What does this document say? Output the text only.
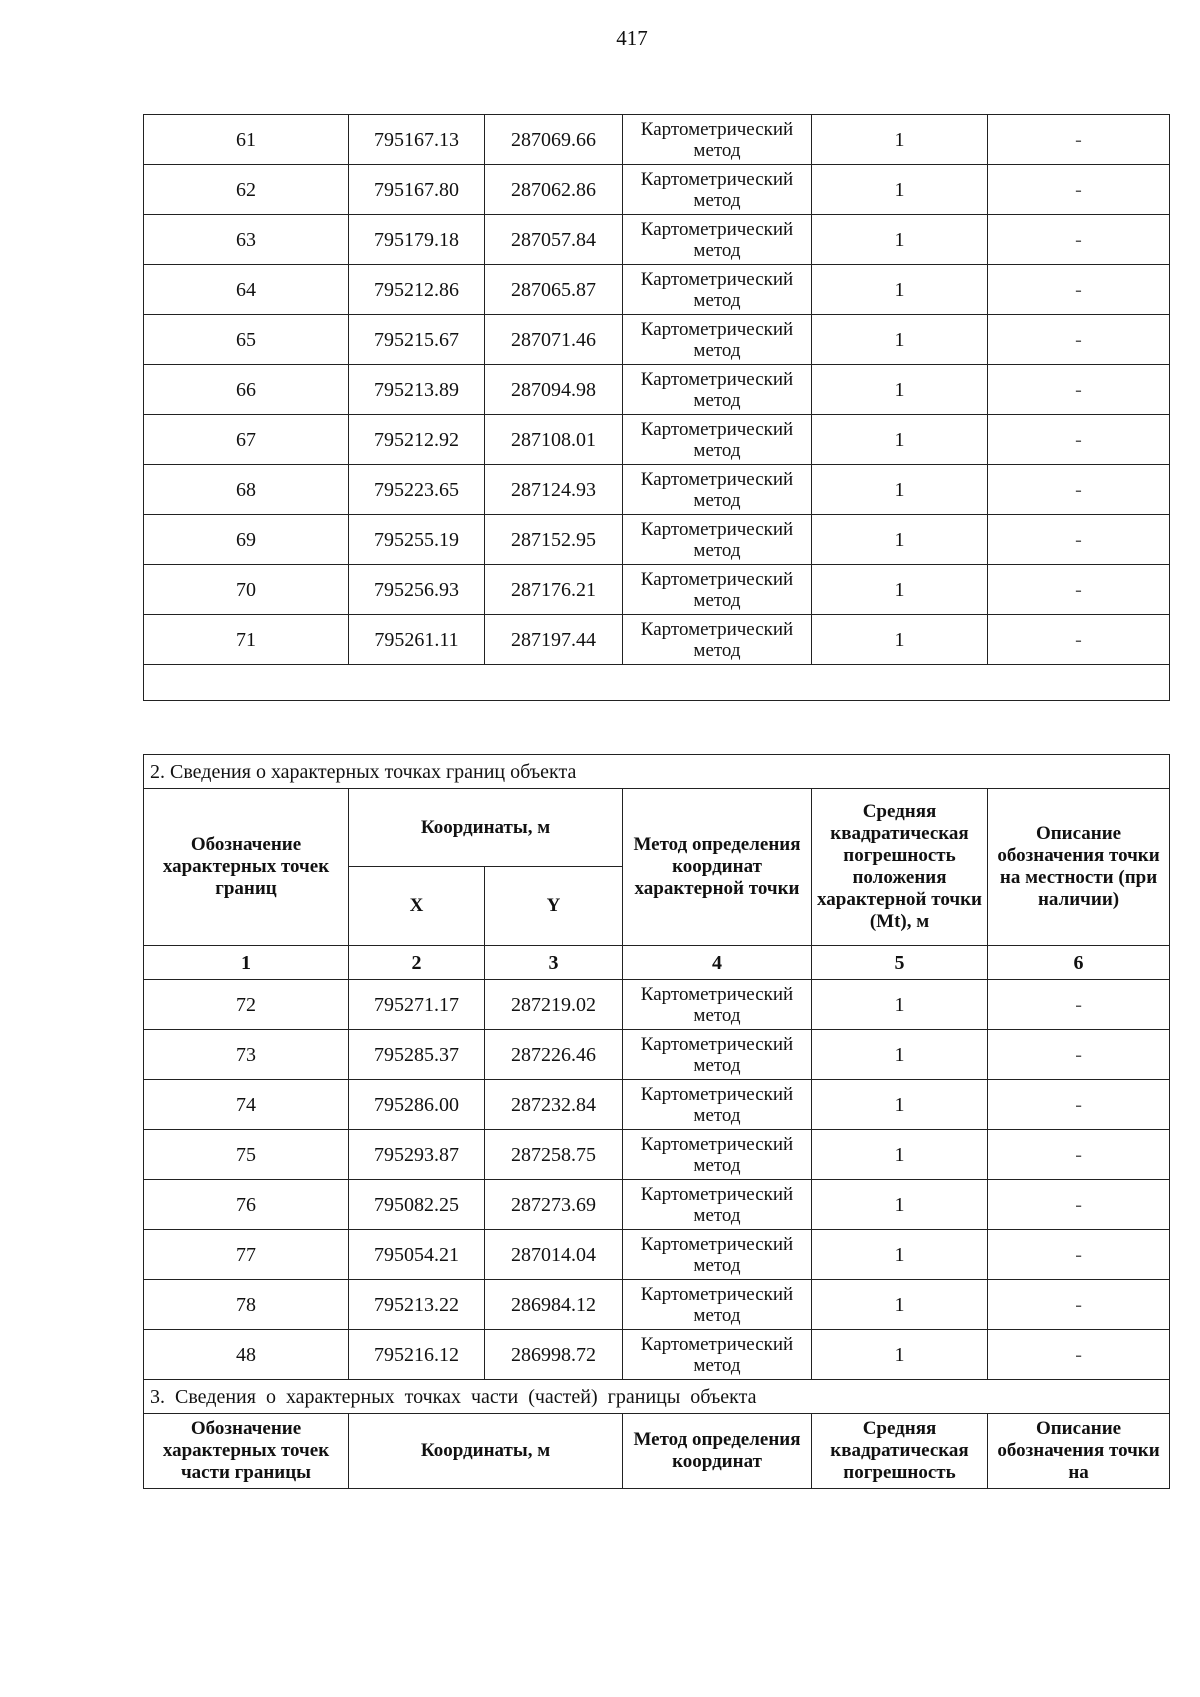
417
61	795167.13	287069.66	Картометрический метод	1	-
62	795167.80	287062.86	Картометрический метод	1	-
63	795179.18	287057.84	Картометрический метод	1	-
64	795212.86	287065.87	Картометрический метод	1	-
65	795215.67	287071.46	Картометрический метод	1	-
66	795213.89	287094.98	Картометрический метод	1	-
67	795212.92	287108.01	Картометрический метод	1	-
68	795223.65	287124.93	Картометрический метод	1	-
69	795255.19	287152.95	Картометрический метод	1	-
70	795256.93	287176.21	Картометрический метод	1	-
71	795261.11	287197.44	Картометрический метод	1	-

2. Сведения о характерных точках границ объекта					
Обозначение характерных точек границ	Координаты, м		Метод определения координат характерной точки	Средняя квадратическая погрешность положения характерной точки (Mt), м	Описание обозначения точки на местности (при наличии)
	X	Y			
1	2	3	4	5	6
72	795271.17	287219.02	Картометрический метод	1	-
73	795285.37	287226.46	Картометрический метод	1	-
74	795286.00	287232.84	Картометрический метод	1	-
75	795293.87	287258.75	Картометрический метод	1	-
76	795082.25	287273.69	Картометрический метод	1	-
77	795054.21	287014.04	Картометрический метод	1	-
78	795213.22	286984.12	Картометрический метод	1	-
48	795216.12	286998.72	Картометрический метод	1	-
3. Сведения о характерных точках части (частей) границы объекта					
Обозначение характерных точек части границы	Координаты, м		Метод определения координат	Средняя квадратическая погрешность	Описание обозначения точки на
